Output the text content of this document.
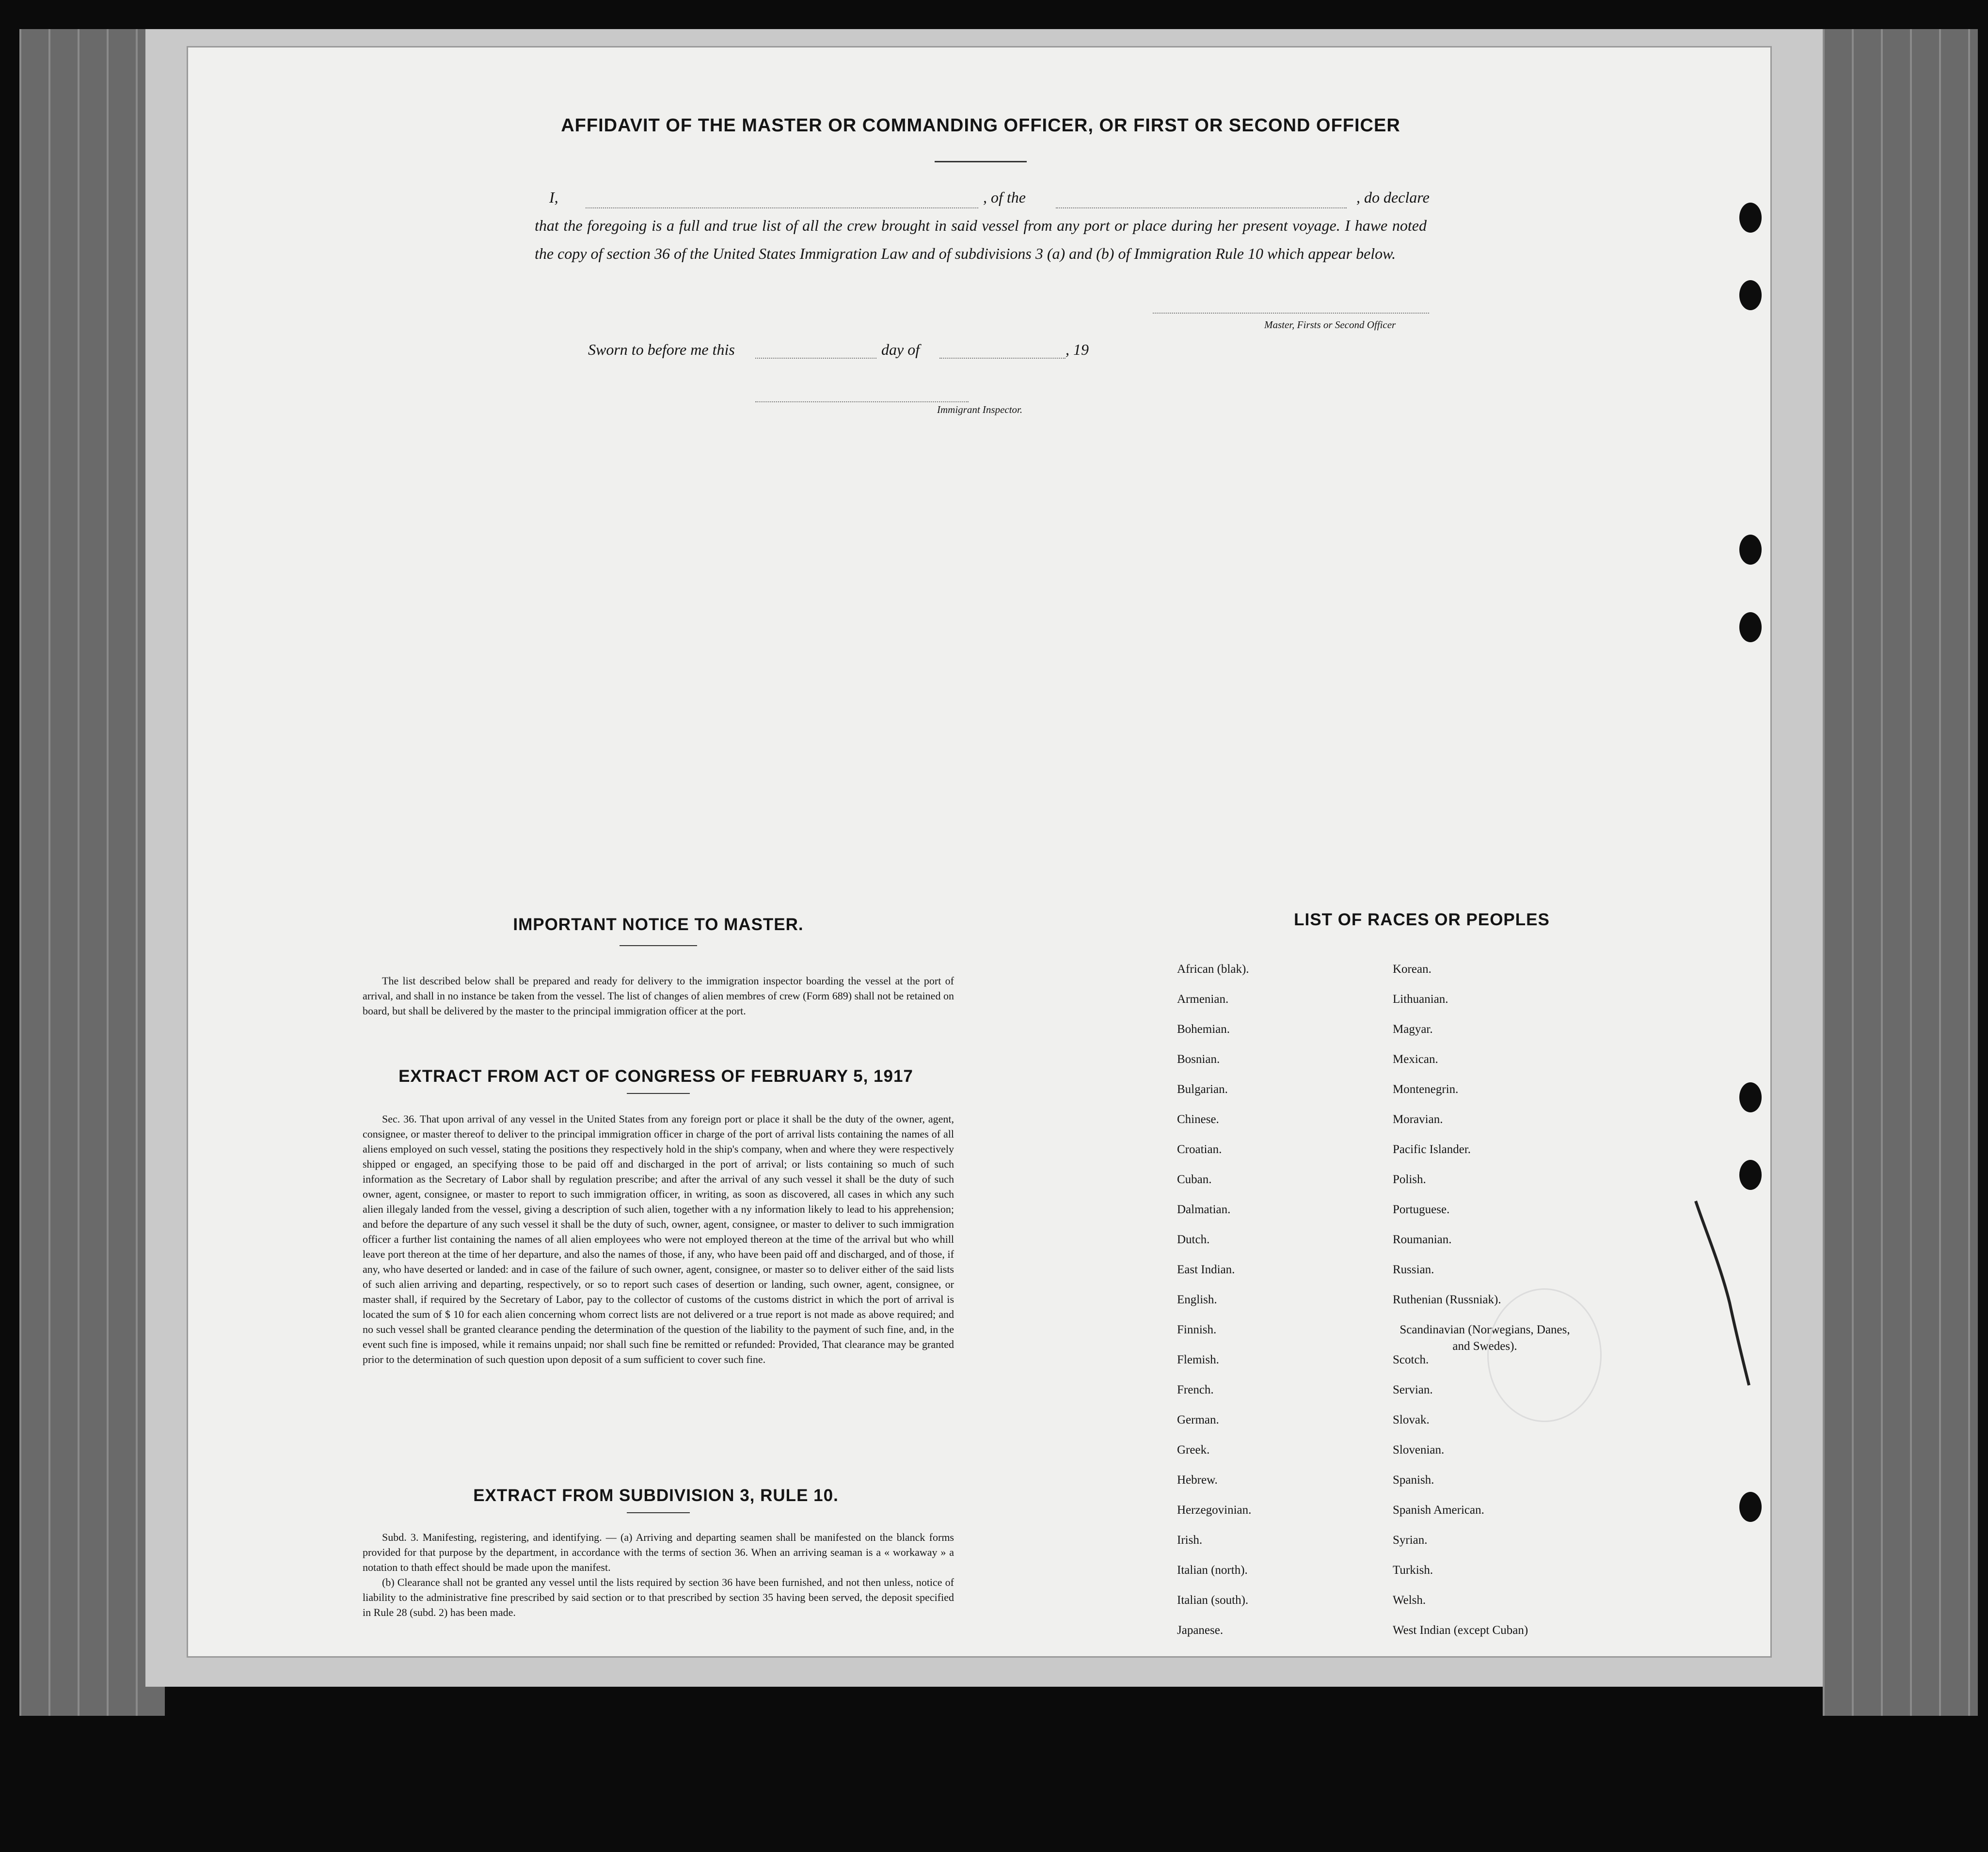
AFFIDAVIT OF THE MASTER OR COMMANDING OFFICER, OR FIRST OR SECOND OFFICER
I,	, of the	, do declare
that the foregoing is a full and true list of all the crew brought in said vessel from any port or place during her present voyage. I hawe noted the copy of section 36 of the United States Immigration Law and of subdivisions 3 (a) and (b) of Immigration Rule 10 which appear below.
Master, Firsts or Second Officer
Sworn to before me this	day of	, 19
Immigrant Inspector.
IMPORTANT NOTICE TO MASTER.
The list described below shall be prepared and ready for delivery to the immigration inspector boarding the vessel at the port of arrival, and shall in no instance be taken from the vessel. The list of changes of alien membres of crew (Form 689) shall not be retained on board, but shall be delivered by the master to the principal immigration officer at the port.
EXTRACT FROM ACT OF CONGRESS OF FEBRUARY 5, 1917
Sec. 36. That upon arrival of any vessel in the United States from any foreign port or place it shall be the duty of the owner, agent, consignee, or master thereof to deliver to the principal immigration officer in charge of the port of arrival lists containing the names of all aliens employed on such vessel, stating the positions they respectively hold in the ship's company, when and where they were respectively shipped or engaged, an specifying those to be paid off and discharged in the port of arrival; or lists containing so much of such information as the Secretary of Labor shall by regulation prescribe; and after the arrival of any such vessel it shall be the duty of such owner, agent, consignee, or master to report to such immigration officer, in writing, as soon as discovered, all cases in which any such alien illegaly landed from the vessel, giving a description of such alien, together with a ny information likely to lead to his apprehension; and before the departure of any such vessel it shall be the duty of such, owner, agent, consignee, or master to deliver to such immigration officer a further list containing the names of all alien employees who were not employed thereon at the time of the arrival but who whill leave port thereon at the time of her departure, and also the names of those, if any, who have been paid off and discharged, and of those, if any, who have deserted or landed: and in case of the failure of such owner, agent, consignee, or master so to deliver either of the said lists of such alien arriving and departing, respectively, or so to report such cases of desertion or landing, such owner, agent, consignee, or master shall, if required by the Secretary of Labor, pay to the collector of customs of the customs district in which the port of arrival is located the sum of $ 10 for each alien concerning whom correct lists are not delivered or a true report is not made as above required; and no such vessel shall be granted clearance pending the determination of the question of the liability to the payment of such fine, and, in the event such fine is imposed, while it remains unpaid; nor shall such fine be remitted or refunded: Provided, That clearance may be granted prior to the determination of such question upon deposit of a sum sufficient to cover such fine.
EXTRACT FROM SUBDIVISION 3, RULE 10.

Subd. 3. Manifesting, registering, and identifying. — (a) Arriving and departing seamen shall be manifested on the blanck forms provided for that purpose by the department, in accordance with the terms of section 36. When an arriving seaman is a « workaway » a notation to thath effect should be made upon the manifest.

(b) Clearance shall not be granted any vessel until the lists required by section 36 have been furnished, and not then unless, notice of liability to the administrative fine prescribed by said section or to that prescribed by section 35 having been served, the deposit specified in Rule 28 (subd. 2) has been made.

LIST OF RACES OR PEOPLES
African (blak).
Armenian.
Bohemian.
Bosnian.
Bulgarian.
Chinese.
Croatian.
Cuban.
Dalmatian.
Dutch.
East Indian.
English.
Finnish.
Flemish.
French.
German.
Greek.
Hebrew.
Herzegovinian.
Irish.
Italian (north).
Italian (south).
Japanese.
Korean.
Lithuanian.
Magyar.
Mexican.
Montenegrin.
Moravian.
Pacific Islander.
Polish.
Portuguese.
Roumanian.
Russian.
Ruthenian (Russniak).
Scandinavian (Norwegians, Danes, and Swedes).
Scotch.
Servian.
Slovak.
Slovenian.
Spanish.
Spanish American.
Syrian.
Turkish.
Welsh.
West Indian (except Cuban)
